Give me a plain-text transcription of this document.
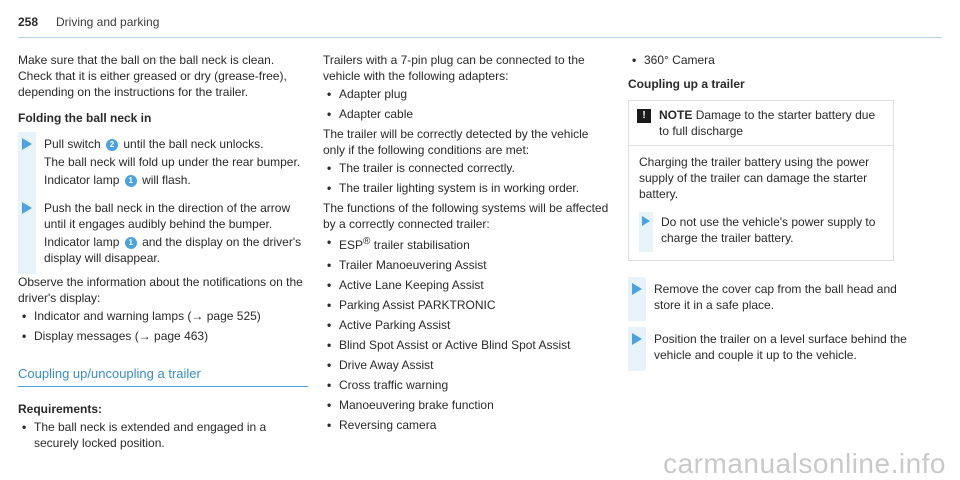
258 Driving and parking

Make sure that the ball on the ball neck is clean. Check that it is either greased or dry (grease-free), depending on the instructions for the trailer.

Folding the ball neck in

Pull switch 2 until the ball neck unlocks.

The ball neck will fold up under the rear bumper.

Indicator lamp 1 will flash.

Push the ball neck in the direction of the arrow until it engages audibly behind the bumper.

Indicator lamp 1 and the display on the driver's display will disappear.

Observe the information about the notifications on the driver's display:

• Indicator and warning lamps (→ page 525)
• Display messages (→ page 463)
Coupling up/uncoupling a trailer

Requirements:

• The ball neck is extended and engaged in a securely locked position.

Trailers with a 7-pin plug can be connected to the vehicle with the following adapters:

• Adapter plug
• Adapter cable

The trailer will be correctly detected by the vehicle only if the following conditions are met:

• The trailer is connected correctly.
• The trailer lighting system is in working order.

The functions of the following systems will be affected by a correctly connected trailer:

• ESP® trailer stabilisation
• Trailer Manoeuvering Assist
• Active Lane Keeping Assist
• Parking Assist PARKTRONIC
• Active Parking Assist
• Blind Spot Assist or Active Blind Spot Assist
• Drive Away Assist
• Cross traffic warning
• Manoeuvering brake function
• Reversing camera
• 360° Camera

Coupling up a trailer

!	NOTE Damage to the starter battery due to full discharge

Charging the trailer battery using the power supply of the trailer can damage the starter battery.

Do not use the vehicle's power supply to charge the trailer battery.

Remove the cover cap from the ball head and store it in a safe place.

Position the trailer on a level surface behind the vehicle and couple it up to the vehicle.

carmanualsonline.info
